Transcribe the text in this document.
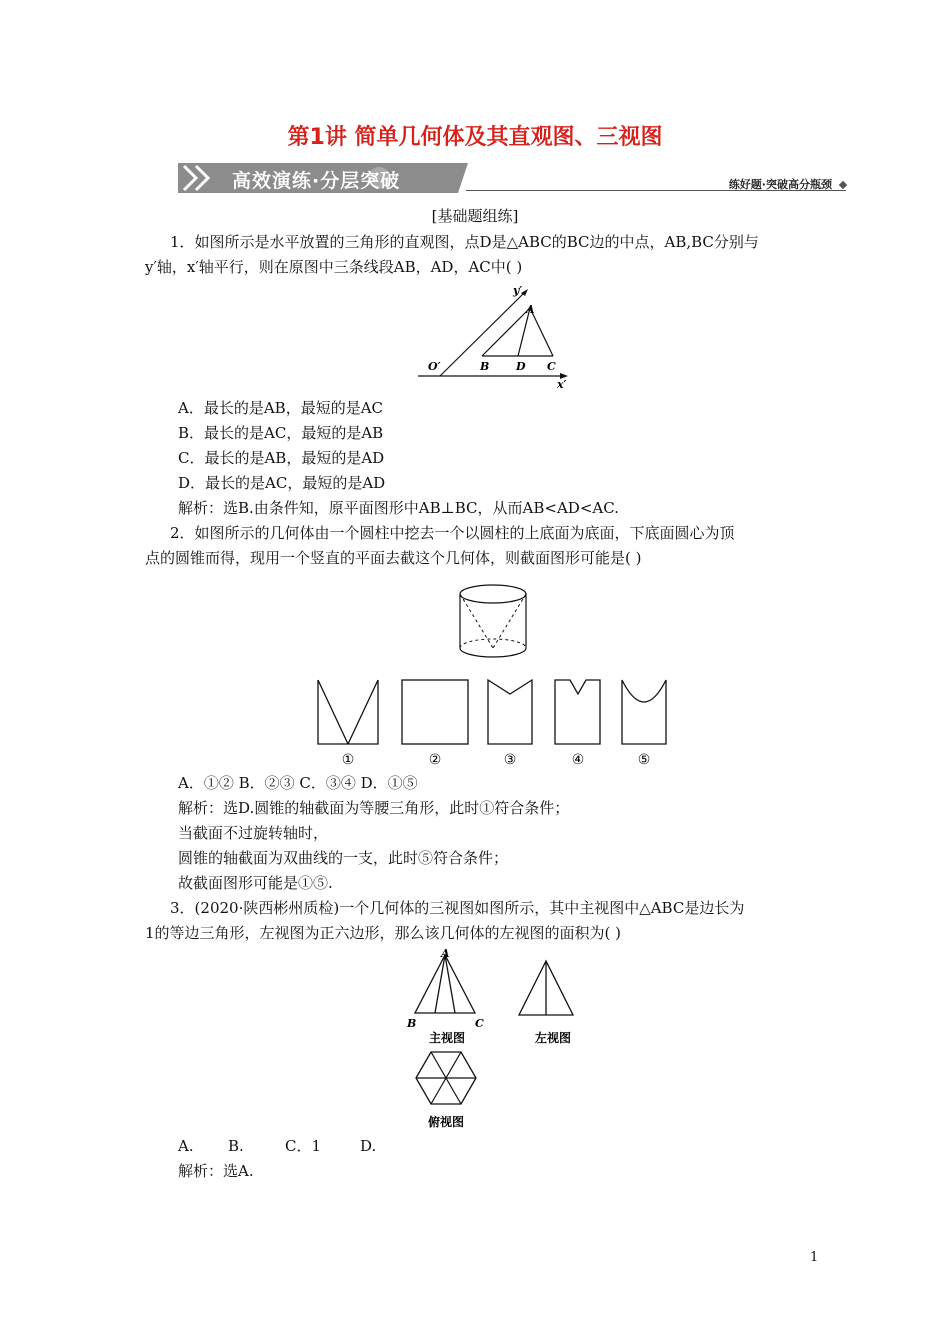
第1讲 简单几何体及其直观图、三视图
高效演练·分层突破	练好题·突破高分瓶颈
[基础题组练]
1．如图所示是水平放置的三角形的直观图，点D是△ABC的BC边的中点，AB,BC分别与
y′轴，x′轴平行，则在原图中三条线段AB，AD，AC中( )
y′
A
O′	B D C
x′
A．最长的是AB，最短的是AC
B．最长的是AC，最短的是AB
C．最长的是AB，最短的是AD
D．最长的是AC，最短的是AD
解析：选B.由条件知，原平面图形中AB⊥BC，从而AB<AD<AC.
2．如图所示的几何体由一个圆柱中挖去一个以圆柱的上底面为底面，下底面圆心为顶
点的圆锥而得，现用一个竖直的平面去截这个几何体，则截面图形可能是( )
①	②	③	④	⑤
A．①② B．②③ C．③④ D．①⑤
解析：选D.圆锥的轴截面为等腰三角形，此时①符合条件；
当截面不过旋转轴时，
圆锥的轴截面为双曲线的一支，此时⑤符合条件；
故截面图形可能是①⑤.
3．(2020·陕西彬州质检)一个几何体的三视图如图所示，其中主视图中△ABC是边长为
1的等边三角形，左视图为正六边形，那么该几何体的左视图的面积为( )
A
B	C
主视图	左视图
俯视图
A. B.	C．1	D.
解析：选A.
1
